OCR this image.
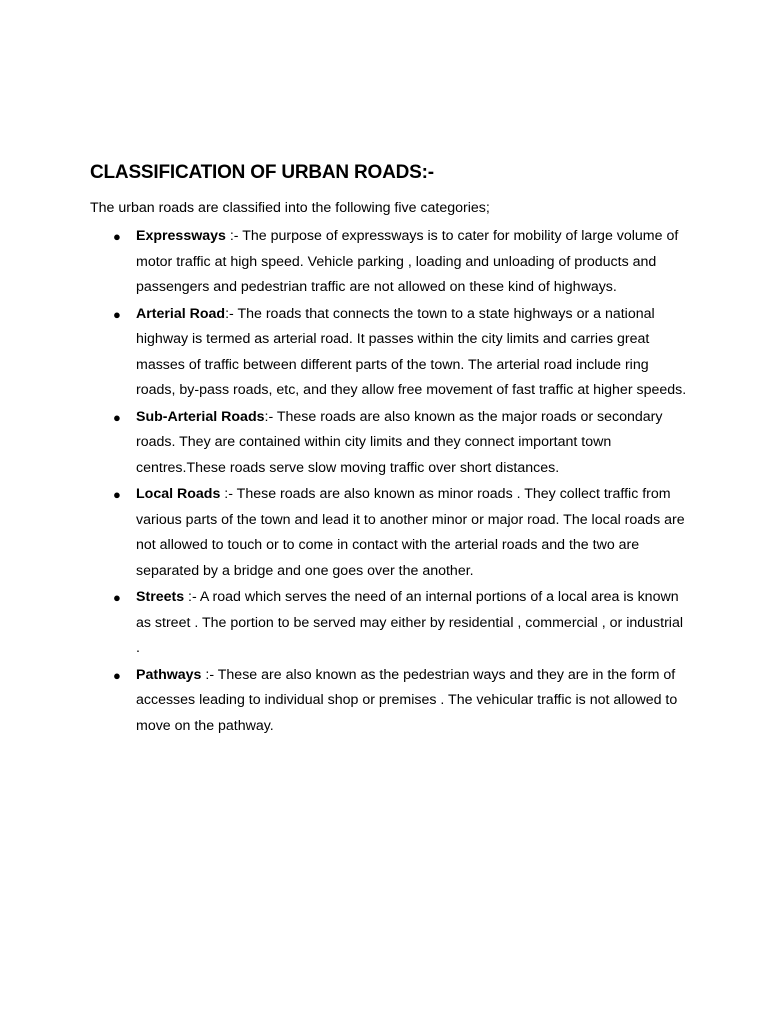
CLASSIFICATION OF URBAN ROADS:-

The urban roads are classified into the following five categories;

● Expressways :- The purpose of expressways is to cater for mobility of large volume of motor traffic at high speed. Vehicle parking , loading and unloading of products and passengers and pedestrian traffic are not allowed on these kind of highways.
● Arterial Road:- The roads that connects the town to a state highways or a national highway is termed as arterial road. It passes within the city limits and carries great masses of traffic between different parts of the town. The arterial road include ring roads, by-pass roads, etc, and they allow free movement of fast traffic at higher speeds.
● Sub-Arterial Roads:- These roads are also known as the major roads or secondary roads. They are contained within city limits and they connect important town centres.These roads serve slow moving traffic over short distances.
● Local Roads :- These roads are also known as minor roads . They collect traffic from various parts of the town and lead it to another minor or major road. The local roads are not allowed to touch or to come in contact with the arterial roads and the two are separated by a bridge and one goes over the another.
● Streets :- A road which serves the need of an internal portions of a local area is known as street . The portion to be served may either by residential , commercial , or industrial .
● Pathways :- These are also known as the pedestrian ways and they are in the form of accesses leading to individual shop or premises . The vehicular traffic is not allowed to move on the pathway.
